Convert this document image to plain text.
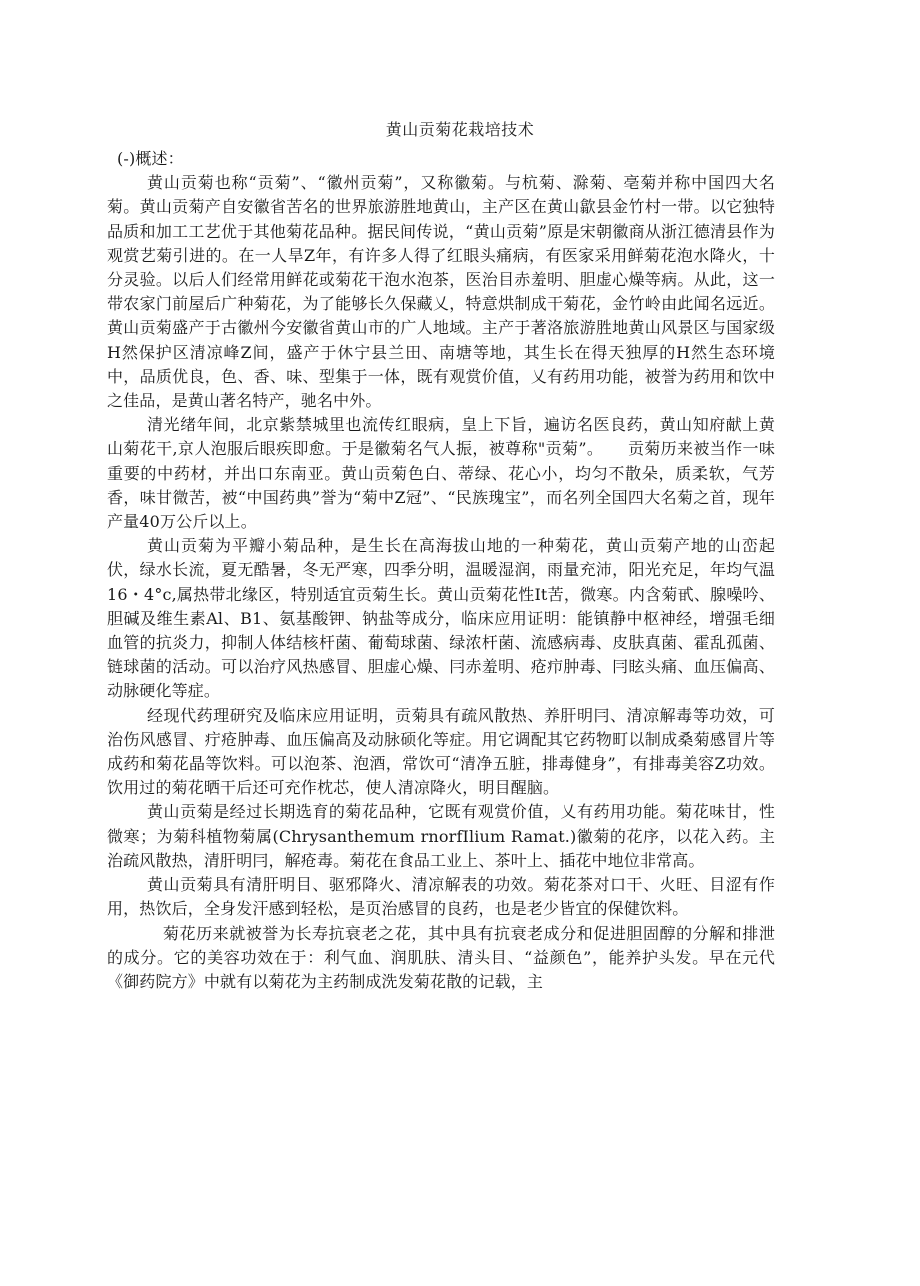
黄山贡菊花栽培技术

(-)概述：

黄山贡菊也称“贡菊”、“徽州贡菊”，又称徽菊。与杭菊、滁菊、亳菊并称中国四大名菊。黄山贡菊产自安徽省苦名的世界旅游胜地黄山，主产区在黄山歙县金竹村一带。以它独特品质和加工工艺优于其他菊花品种。据民间传说，“黄山贡菊”原是宋朝徽商从浙江德清县作为观赏艺菊引进的。在一人旱Z年，有许多人得了红眼头痛病，有医家采用鲜菊花泡水降火，十分灵验。以后人们经常用鲜花或菊花干泡水泡茶，医治目赤羞明、胆虚心燥等病。从此，这一带农家门前屋后广种菊花，为了能够长久保藏乂，特意烘制成干菊花，金竹岭由此闻名远近。黄山贡菊盛产于古徽州今安徽省黄山市的广人地域。主产于著洛旅游胜地黄山风景区与国家级H然保护区清凉峰Z间，盛产于休宁县兰田、南塘等地，其生长在得天独厚的H然生态环境中，品质优良，色、香、味、型集于一体，既有观赏价值，乂有药用功能，被誉为药用和饮中之佳品，是黄山著名特产，驰名中外。

清光绪年间，北京紫禁城里也流传红眼病，皇上下旨，遍访名医良药，黄山知府献上黄山菊花干,京人泡服后眼疾即愈。于是徽菊名气人振，被尊称"贡菊”。　　贡菊历来被当作一味重要的中药材，并出口东南亚。黄山贡菊色白、蒂绿、花心小，均匀不散朵，质柔软，气芳香，味甘微苦，被“中国药典”誉为“菊中Z冠”、“民族瑰宝”，而名列全国四大名菊之首，现年产量40万公斤以上。

黄山贡菊为平瓣小菊品种，是生长在高海拔山地的一种菊花，黄山贡菊产地的山峦起伏，绿水长流，夏无酷暑，冬无严寒，四季分明，温暖湿润，雨量充沛，阳光充足，年均气温16・4°c,属热带北缘区，特别适宜贡菊生长。黄山贡菊花性It苦，微寒。内含菊甙、腺噪吟、胆碱及维生素Al、B1、氨基酸钾、钠盐等成分，临床应用证明：能镇静中枢神经，增强毛细血管的抗炎力，抑制人体结核杆菌、葡萄球菌、绿浓杆菌、流感病毒、皮肤真菌、霍乱孤菌、链球菌的活动。可以治疗风热感冒、胆虚心燥、冃赤羞明、疮疖肿毒、冃眩头痛、血压偏高、动脉硬化等症。

经现代药理研究及临床应用证明，贡菊具有疏风散热、养肝明冃、清凉解毒等功效，可治伤风感冒、疔疮肿毒、血压偏高及动脉硕化等症。用它调配其它药物町以制成桑菊感冒片等成药和菊花晶等饮料。可以泡茶、泡酒，常饮可“清净五脏，排毒健身”，有排毒美容Z功效。饮用过的菊花晒干后还可充作枕芯，使人清凉降火，明目醒脑。

黄山贡菊是经过长期选育的菊花品种，它既有观赏价值，乂有药用功能。菊花味甘，性微寒；为菊科植物菊属(Chrysanthemum rnorfIlium Ramat.)徽菊的花序，以花入药。主治疏风散热，清肝明冃，解疮毒。菊花在食品工业上、茶叶上、插花中地位非常高。

黄山贡菊具有清肝明目、驱邪降火、清凉解表的功效。菊花茶对口干、火旺、目涩有作用，热饮后，全身发汗感到轻松，是页治感冒的良药，也是老少皆宜的保健饮料。

菊花历来就被誉为长寿抗衰老之花，其中具有抗衰老成分和促进胆固醇的分解和排泄的成分。它的美容功效在于：利气血、润肌肤、清头目、“益颜色”，能养护头发。早在元代《御药院方》中就有以菊花为主药制成洗发菊花散的记载，主
